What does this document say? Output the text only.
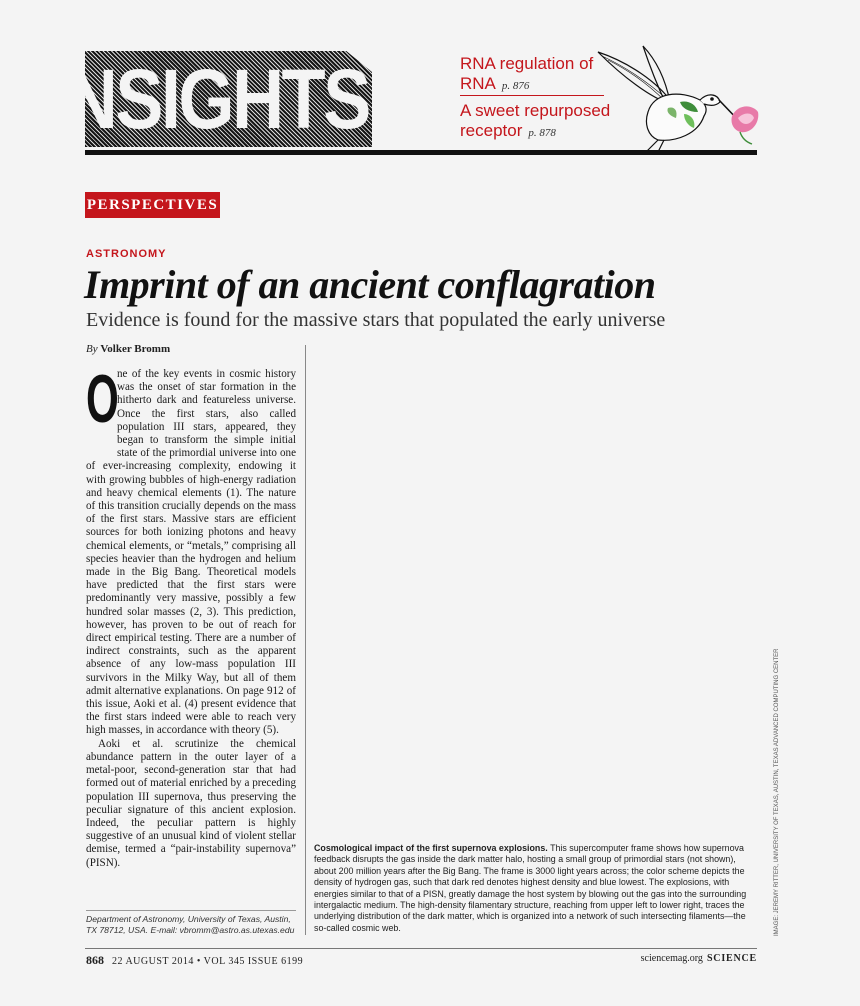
INSIGHTS	RNA regulation of RNA p. 876
A sweet repurposed receptor p. 878
PERSPECTIVES
ASTRONOMY
Imprint of an ancient conflagration
Evidence is found for the massive stars that populated the early universe
By Volker Bromm

O
ne of the key events in cosmic history was the onset of star formation in the hitherto dark and featureless universe. Once the first stars, also called population III stars, appeared, they began to transform the simple initial state of the primordial universe into one of ever-increasing complexity, endowing it with growing bubbles of high-energy radiation and heavy chemical elements (1). The nature of this transition crucially depends on the mass of the first stars. Massive stars are efficient sources for both ionizing photons and heavy chemical elements, or “metals,” comprising all species heavier than the hydrogen and helium made in the Big Bang. Theoretical models have predicted that the first stars were predominantly very massive, possibly a few hundred solar masses (2, 3). This prediction, however, has proven to be out of reach for direct empirical testing. There are a number of indirect constraints, such as the apparent absence of any low-mass population III survivors in the Milky Way, but all of them admit alternative explanations. On page 912 of this issue, Aoki et al. (4) present evidence that the first stars indeed were able to reach very high masses, in accordance with theory (5).

Aoki et al. scrutinize the chemical abundance pattern in the outer layer of a metal-poor, second-generation star that had formed out of material enriched by a preceding population III supernova, thus preserving the peculiar signature of this ancient explosion. Indeed, the peculiar pattern is highly suggestive of an unusual kind of violent stellar demise, termed a “pair-instability supernova” (PISN).

Department of Astronomy, University of Texas, Austin, TX 78712, USA. E-mail: vbromm@astro.as.utexas.edu
Cosmological impact of the first supernova explosions. This supercomputer frame shows how supernova feedback disrupts the gas inside the dark matter halo, hosting a small group of primordial stars (not shown), about 200 million years after the Big Bang. The frame is 3000 light years across; the color scheme depicts the density of hydrogen gas, such that dark red denotes highest density and blue lowest. The explosions, with energies similar to that of a PISN, greatly damage the host system by blowing out the gas into the surrounding intergalactic medium. The high-density filamentary structure, reaching from upper left to lower right, traces the underlying distribution of the dark matter, which is organized into a network of such intersecting filaments—the so-called cosmic web.	IMAGE: JEREMY RITTER, UNIVERSITY OF TEXAS, AUSTIN, TEXAS ADVANCED COMPUTING CENTER
868 22 AUGUST 2014 • VOL 345 ISSUE 6199	sciencemag.org SCIENCE
